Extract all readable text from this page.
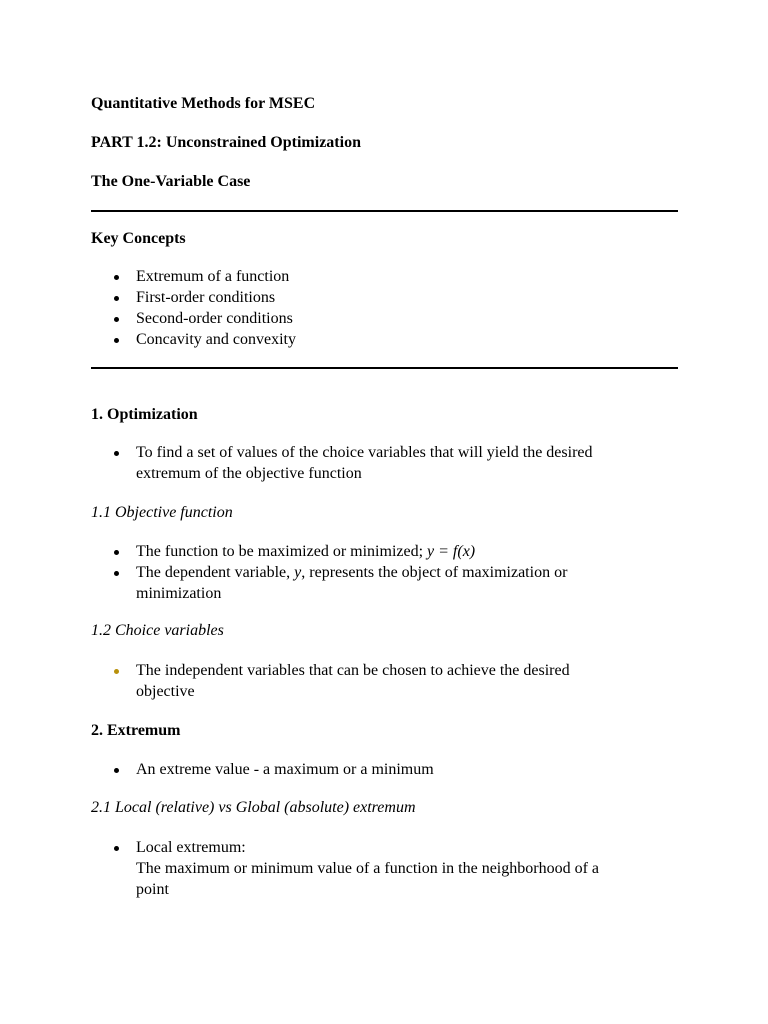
Quantitative Methods for MSEC
PART 1.2: Unconstrained Optimization
The One-Variable Case
Key Concepts
Extremum of a function
First-order conditions
Second-order conditions
Concavity and convexity
1. Optimization
To find a set of values of the choice variables that will yield the desired
extremum of the objective function
1.1 Objective function
The function to be maximized or minimized; y = f(x)
The dependent variable, y, represents the object of maximization or
minimization
1.2 Choice variables
The independent variables that can be chosen to achieve the desired
objective
2. Extremum
An extreme value - a maximum or a minimum
2.1 Local (relative) vs Global (absolute) extremum
Local extremum:
The maximum or minimum value of a function in the neighborhood of a
point
